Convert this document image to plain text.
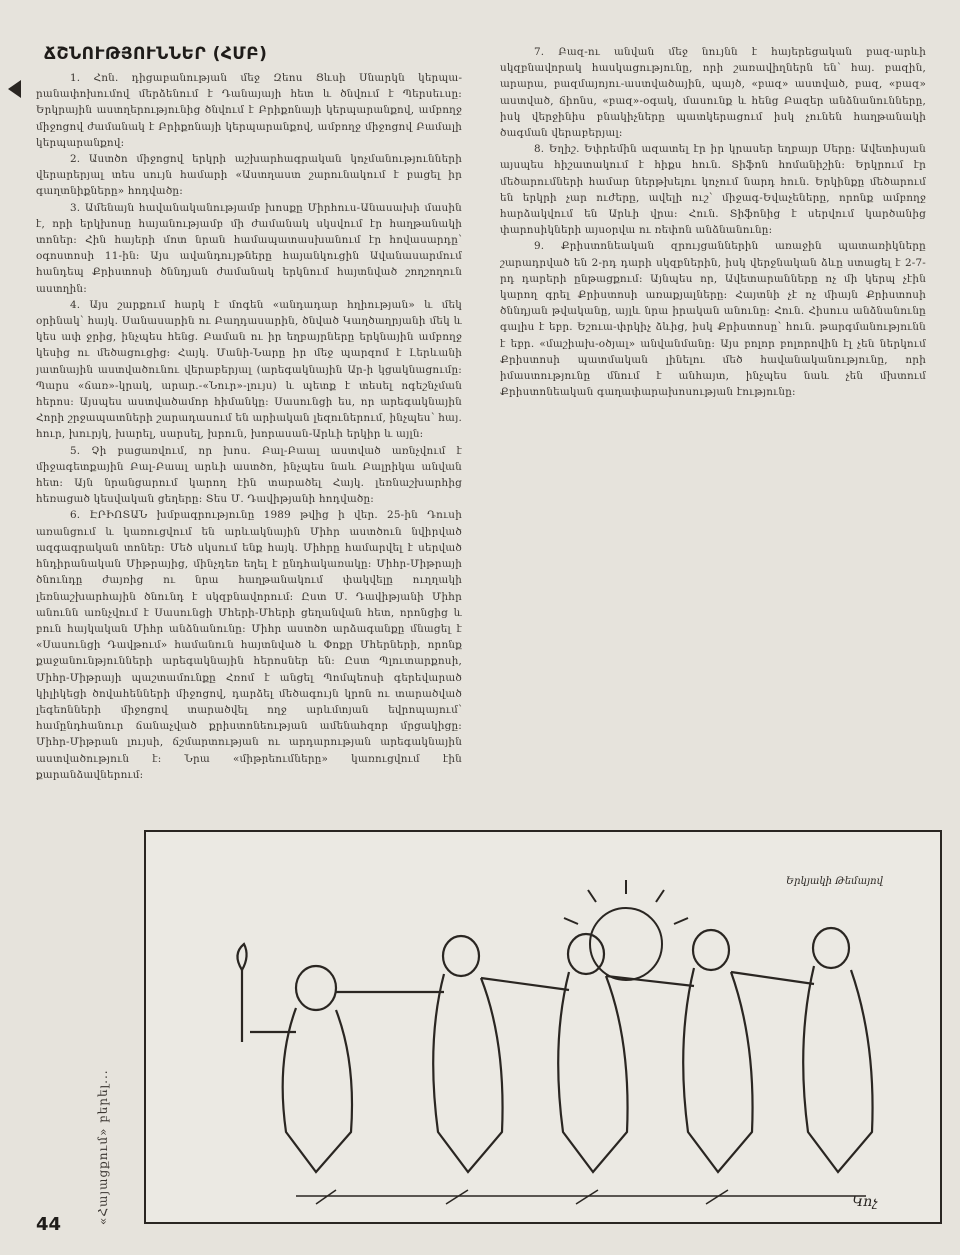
ՃՇՆՈՒԹՅՈՒՆՆԵՐ (ՀՄԲ)

1. Հոն. դիցաբանության մեջ Զեոս Ցևսի Սնարկն կերպարանափոխումով մերձենում է Դանայայի հետ և ծնվում է Պերսեւսը: Երկրային աստղերությունից ծնվում է Բրիքոնայի կերպարանքով, ամբողջ միջոցով ժամանակ է Բրիքոնայի կերպարանքով, ամբողջ միջոցով Բամալի կերպարանքով:

2. Աստծո միջոցով երկրի աշխարհագրական կոչմանությունների վերարերյալ տես սույն համարի «Աստղաստ շարունակում է բացել իր գաղտնիքները» հոդվածը:

3. Ամենայն հավանականությամբ խոսքը Միրհուս-Անասախի մասին է, որի երկխոսը հայանությամբ մի ժամանակ սկսվում էր հաղթանակի տոներ: Հին հայերի մոտ նրան համապատասխանում էր հովասարդը՝ օգոստոսի 11-ին: Այս ավանդույթները հայանկուցին Ավանասարմում հանդեպ Քրիստոսի ծննդյան ժամանակ երկնում հայտնված շողշողուն աստղին:

4. Այս շարքում հարկ է մոգեն «անդադար հղիության» և մեկ օրինակ՝ հայկ. Սանասարին ու Բաղդասարին, ծնված Կաղծաղրյանի մեկ և կես ափ ջրից, ինչպես հենց. Բաման ու իր եղբայրները երկնային ամբողջ կեսից ու մեծացուցից: Հայկ. Մանի-Նարը իր մեջ պարզոմ է Լերևանի յատնային աստվածունու վերաբերյալ (արեգակնային Ար-ի կցակնացումը: Պարս «ճառ»-կրակ, արար.-«Նուր»-լույս) և պետք է տեսել ոգեշնչման հերոս: Այսպես աստվածամոր հիմանկը: Սասունցի ես, որ արեգակնային Հորի շրջապատների շարադասում են արիական լեզուներում, ինչպես՝ հայ. հուր, խուրյկ, խարել, սարսել, խրուն, խորասան-Արևի երկիր և այլն:

5. Չի բացառվում, որ խոս. Բալ-Բաալ աստված առնչվում է միջագետքային Բալ-Բաալ արևի աստծո, ինչպես նաև Բալրիկա անվան հետ: Այն նրանցարում կարող էին տարածել Հայկ. լեռնաշխարհից հեռացած կեսվական ցեղերը: Տես Մ. Դավիթյանի հոդվածը:

6. ԷՐԻՈՏԱՆ խմբագրությունը 1989 թվից ի վեր. 25-ին Դուսի առանցում և կառուցվում են արևակնային Միհր աստծուն նվիրված ազգագրական տոներ: Մեծ սկսում ենք հայկ. Միհրը համարվել է սերված հնդիրանական Միթրայից, մինչդեռ եղել է ընդհակառակը: Միհր-Միթրայի ծնունդը ժայռից ու նրա հաղթանակում փակվելը ուղղակի լեռնաշխարհային ծնունդ է սկզբնավորում: Ըստ Մ. Դավիթյանի Միհր անունն առնչվում է Սասունցի Մհերի-Մհերի ցեղանվան հետ, որոնցից և բուն հայկական Միհր անձնանունը: Միհր աստծո արձագանքը մնացել է «Սասունցի Դավթում» համանուն հայտնված և Փոքր Մհերների, որոնք քաջանունթյունների արեգակնային հերոսներ են: Ըստ Պլուտարքոսի, Միհր-Միթրայի պաշտամունքը Հռոմ է անցել Պոմպեոսի գերեվարած կիլիկեցի ծովահենների միջոցով, դարձել մեծագույն կրոն ու տարածված լեգեոնների միջոցով տարածվել ողջ արևմտյան եվրոպայում՝ համընդհանուր ճանաչված քրիստոնեության ամենահզոր մրցակիցը: Միհր-Միթրան լույսի, ճշմարտության ու արդարության արեգակնային աստվածություն է: Նրա «միթրեումները» կառուցվում էին քարանձավներում:

7. Բազ-ու անվան մեջ նույնն է հայերեցական բազ-արևի սկզբնավորակ հասկացությունը, որի շառավիղներն են՝ հայ. բազին, արարա, բազմայոյու-աստվածային, պայծ, «բազ» աստված, բազ, «բազ» աստված, ճիոնս, «բազ»-օգակ, մասունք և հենց Բազեր անձնանունները, իսկ վերջինիս բնակիչները պատկերացում իսկ չունեն հաղթանակի ծագման վերաբերյալ:

8. Եղիշ. Եփրեմին ազատել էր իր կրասեր եղբայր Սերը: Ավետիսյան այսպես հիշատակում է հիքս հուն. Տիֆոն հոմանիշին: Երկրում էր մեծարումների համար ներթխելու կոչում նարդ հուն. Երկինքը մեծարում են երկրի չար ուժերը, ավելի ուշ՝ միջագ-Եվաչեները, որոնք ամբողջ հարձակվում են Արևի վրա: Հուն. Տիֆոնից է սերվում կարծանից փարոսիկների այսօրվա ու ռեփոն անձնանունը:

9. Քրիստոնեական զրույցաններին առաջին պատառիկները շարադրված են 2-րդ դարի սկզբներին, իսկ վերջնական ձևը ստացել է 2-7-րդ դարերի ընթացքում: Այնպես որ, Ավետարանները ոչ մի կերպ չէին կարող գրել Քրիստոսի առաքյալները: Հայտնի չէ ոչ միայն Քրիստոսի ծննդյան թվականը, այլև նրա իրական անունը: Հուն. Հիսուս անձնանունը գալիս է եբր. Եշուա-փրկիչ ձևից, իսկ Քրիստոսը՝ հուն. թարգմանությունն է եբր. «մաշիախ-օծյալ» անվանմանը: Այս բոլոր բոլորովին էլ չեն ներկում Քրիստոսի պատմական լինելու մեծ հավանականությունը, որի իմաստությունը մնում է անհայտ, ինչպես նաև չեն մխտում Քրիստոնեական գաղափարախոսության էությունը:

Երկյակի Թեմայով
Կոչ
«Հայացքում» բերել...
44
